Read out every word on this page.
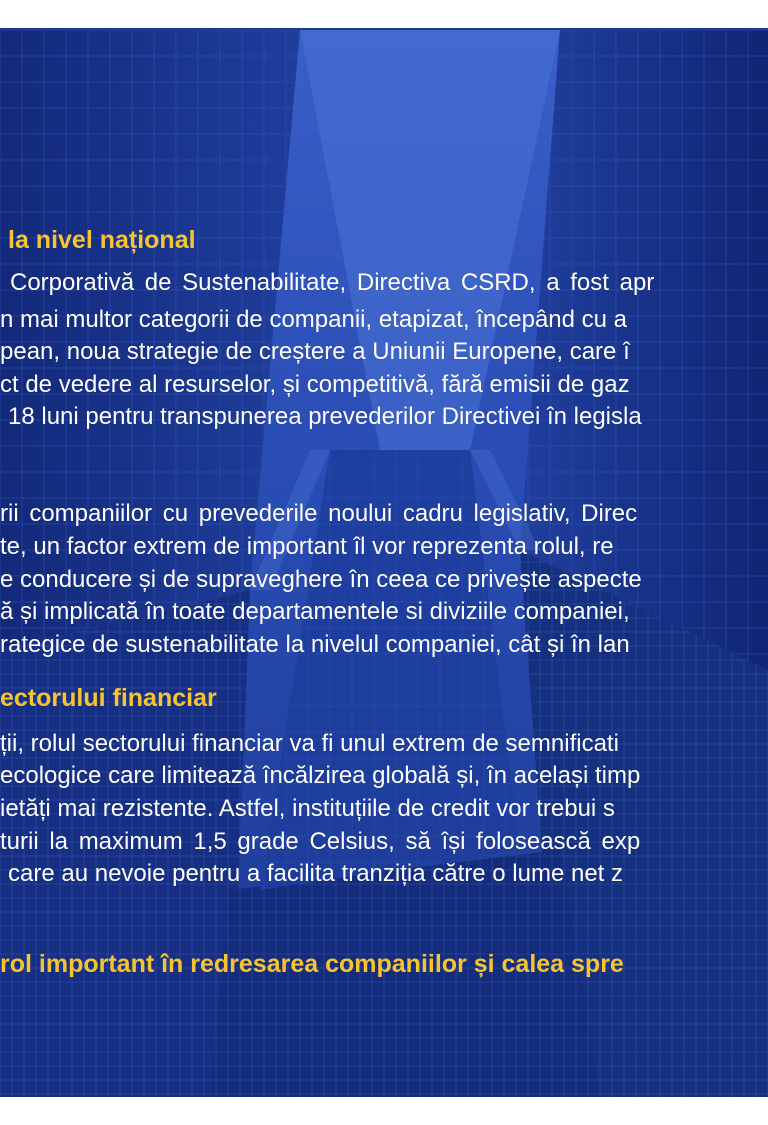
la nivel național
Corporativă de Sustenabilitate, Directiva CSRD, a fost apr
n mai multor categorii de companii, etapizat, începând cu a
pean, noua strategie de creștere a Uniunii Europene, care î
ct de vedere al resurselor, și competitivă, fără emisii de gaz
18 luni pentru transpunerea prevederilor Directivei în legisla
rii companiilor cu prevederile noului cadru legislativ, Direc
te, un factor extrem de important îl vor reprezenta rolul, re
e conducere și de supraveghere în ceea ce privește aspecte
ă și implicată în toate departamentele si diviziile companiei,
rategice de sustenabilitate la nivelul companiei, cât și în lan
ectorului financiar
ții, rolul sectorului financiar va fi unul extrem de semnificati
ecologice care limitează încălzirea globală și, în același timp
ietăți mai rezistente. Astfel, instituțiile de credit vor trebui s
turii la maximum 1,5 grade Celsius, să își folosească exp
care au nevoie pentru a facilita tranziția către o lume net z
rol important în redresarea companiilor și calea spre
